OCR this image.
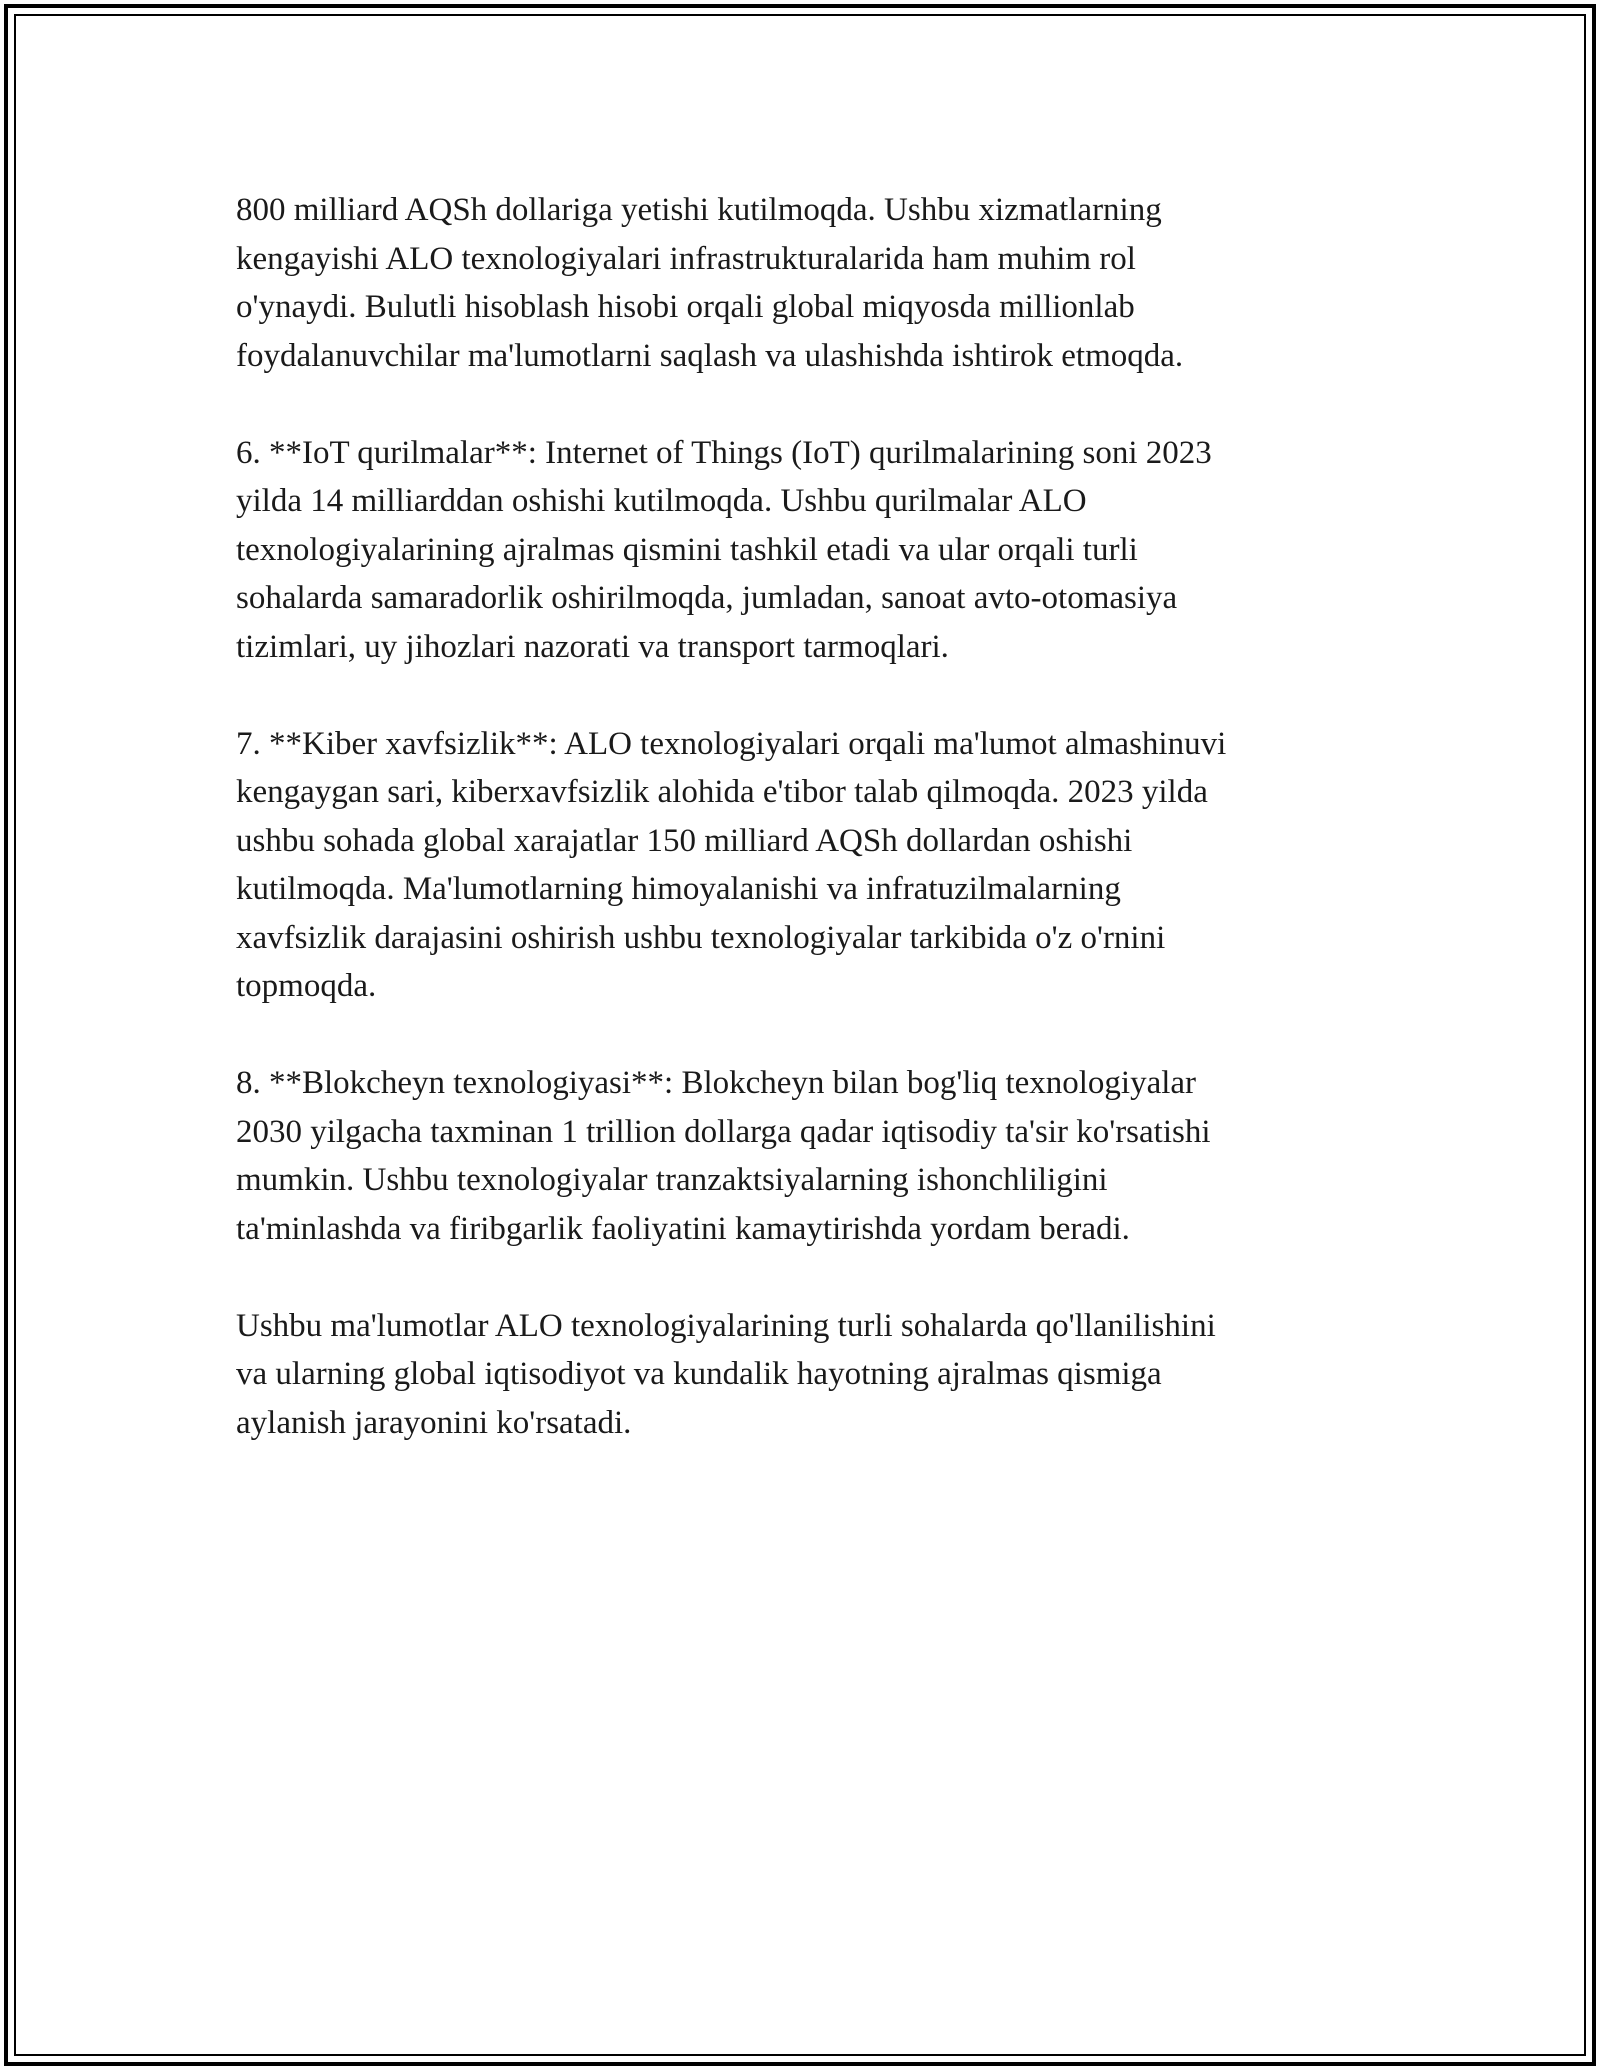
800 milliard AQSh dollariga yetishi kutilmoqda. Ushbu xizmatlarning
kengayishi ALO texnologiyalari infrastrukturalarida ham muhim rol
o'ynaydi. Bulutli hisoblash hisobi orqali global miqyosda millionlab
foydalanuvchilar ma'lumotlarni saqlash va ulashishda ishtirok etmoqda.

6. **IoT qurilmalar**: Internet of Things (IoT) qurilmalarining soni 2023
yilda 14 milliarddan oshishi kutilmoqda. Ushbu qurilmalar ALO
texnologiyalarining ajralmas qismini tashkil etadi va ular orqali turli
sohalarda samaradorlik oshirilmoqda, jumladan, sanoat avto-otomasiya
tizimlari, uy jihozlari nazorati va transport tarmoqlari.

7. **Kiber xavfsizlik**: ALO texnologiyalari orqali ma'lumot almashinuvi
kengaygan sari, kiberxavfsizlik alohida e'tibor talab qilmoqda. 2023 yilda
ushbu sohada global xarajatlar 150 milliard AQSh dollardan oshishi
kutilmoqda. Ma'lumotlarning himoyalanishi va infratuzilmalarning
xavfsizlik darajasini oshirish ushbu texnologiyalar tarkibida o'z o'rnini
topmoqda.

8. **Blokcheyn texnologiyasi**: Blokcheyn bilan bog'liq texnologiyalar
2030 yilgacha taxminan 1 trillion dollarga qadar iqtisodiy ta'sir ko'rsatishi
mumkin. Ushbu texnologiyalar tranzaktsiyalarning ishonchliligini
ta'minlashda va firibgarlik faoliyatini kamaytirishda yordam beradi.

Ushbu ma'lumotlar ALO texnologiyalarining turli sohalarda qo'llanilishini
va ularning global iqtisodiyot va kundalik hayotning ajralmas qismiga
aylanish jarayonini ko'rsatadi.
